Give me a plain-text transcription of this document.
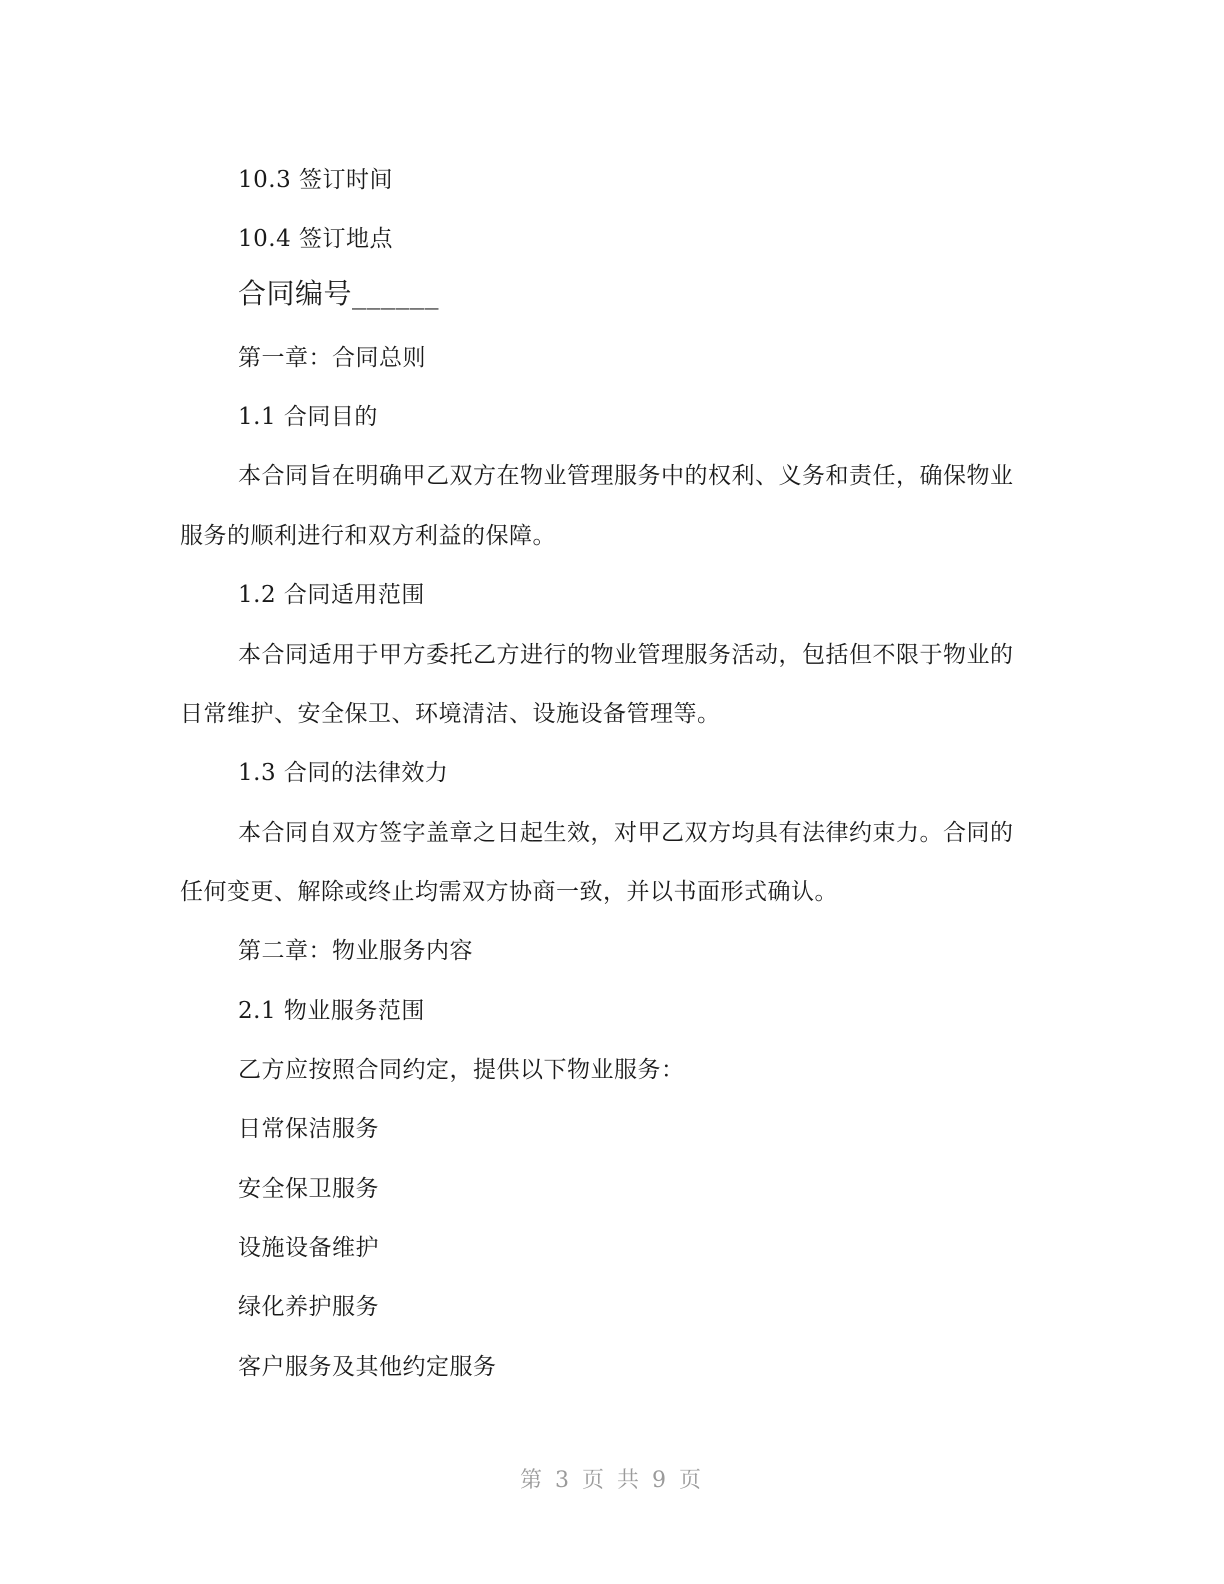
10.3 签订时间
10.4 签订地点
合同编号______
第一章：合同总则
1.1 合同目的
本合同旨在明确甲乙双方在物业管理服务中的权利、义务和责任，确保物业
服务的顺利进行和双方利益的保障。
1.2 合同适用范围
本合同适用于甲方委托乙方进行的物业管理服务活动，包括但不限于物业的
日常维护、安全保卫、环境清洁、设施设备管理等。
1.3 合同的法律效力
本合同自双方签字盖章之日起生效，对甲乙双方均具有法律约束力。合同的
任何变更、解除或终止均需双方协商一致，并以书面形式确认。
第二章：物业服务内容
2.1 物业服务范围
乙方应按照合同约定，提供以下物业服务：
日常保洁服务
安全保卫服务
设施设备维护
绿化养护服务
客户服务及其他约定服务
第 3 页 共 9 页
